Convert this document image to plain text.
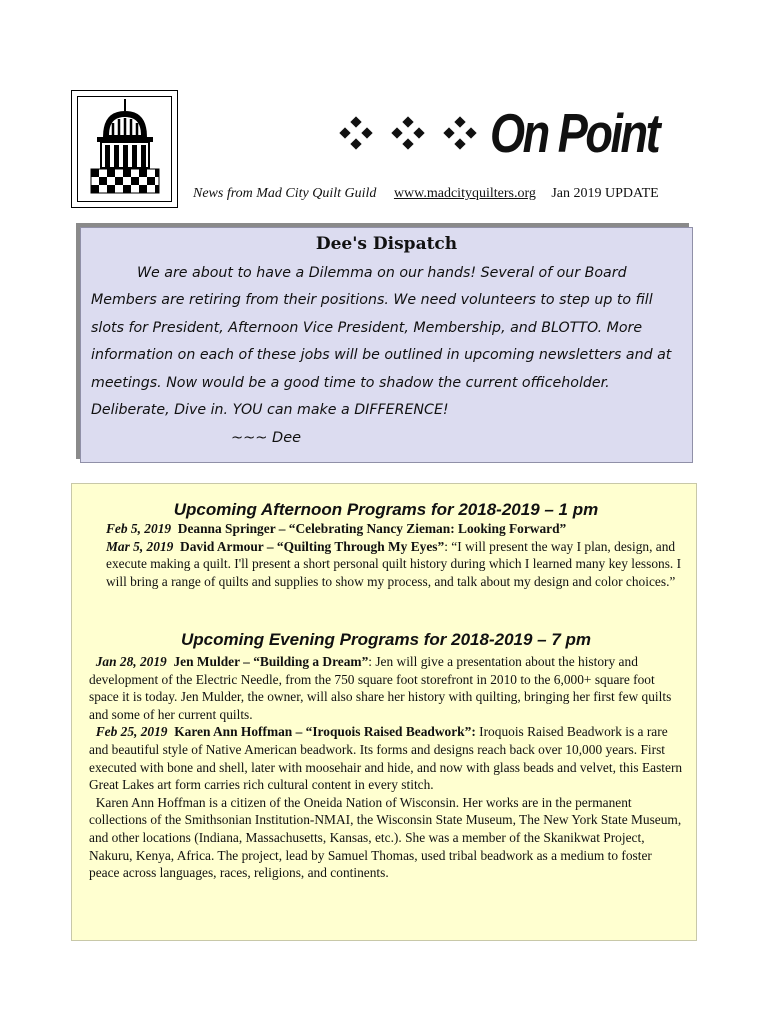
On Point
News from Mad City Quilt Guild www.madcityquilters.org Jan 2019 UPDATE
Dee's Dispatch

We are about to have a Dilemma on our hands! Several of our Board Members are retiring from their positions. We need volunteers to step up to fill slots for President, Afternoon Vice President, Membership, and BLOTTO. More information on each of these jobs will be outlined in upcoming newsletters and at meetings. Now would be a good time to shadow the current officeholder. Deliberate, Dive in. YOU can make a DIFFERENCE!

~~~ Dee
Upcoming Afternoon Programs for 2018-2019 – 1 pm

Feb 5, 2019 Deanna Springer – “Celebrating Nancy Zieman: Looking Forward”

Mar 5, 2019 David Armour – “Quilting Through My Eyes”: “I will present the way I plan, design, and execute making a quilt. I'll present a short personal quilt history during which I learned many key lessons. I will bring a range of quilts and supplies to show my process, and talk about my design and color choices.”

Upcoming Evening Programs for 2018-2019 – 7 pm

Jan 28, 2019 Jen Mulder – “Building a Dream”: Jen will give a presentation about the history and development of the Electric Needle, from the 750 square foot storefront in 2010 to the 6,000+ square foot space it is today. Jen Mulder, the owner, will also share her history with quilting, bringing her first few quilts and some of her current quilts.

Feb 25, 2019 Karen Ann Hoffman – “Iroquois Raised Beadwork”: Iroquois Raised Beadwork is a rare and beautiful style of Native American beadwork. Its forms and designs reach back over 10,000 years. First executed with bone and shell, later with moosehair and hide, and now with glass beads and velvet, this Eastern Great Lakes art form carries rich cultural content in every stitch.

Karen Ann Hoffman is a citizen of the Oneida Nation of Wisconsin. Her works are in the permanent collections of the Smithsonian Institution-NMAI, the Wisconsin State Museum, The New York State Museum, and other locations (Indiana, Massachusetts, Kansas, etc.). She was a member of the Skanikwat Project, Nakuru, Kenya, Africa. The project, lead by Samuel Thomas, used tribal beadwork as a medium to foster peace across languages, races, religions, and continents.
